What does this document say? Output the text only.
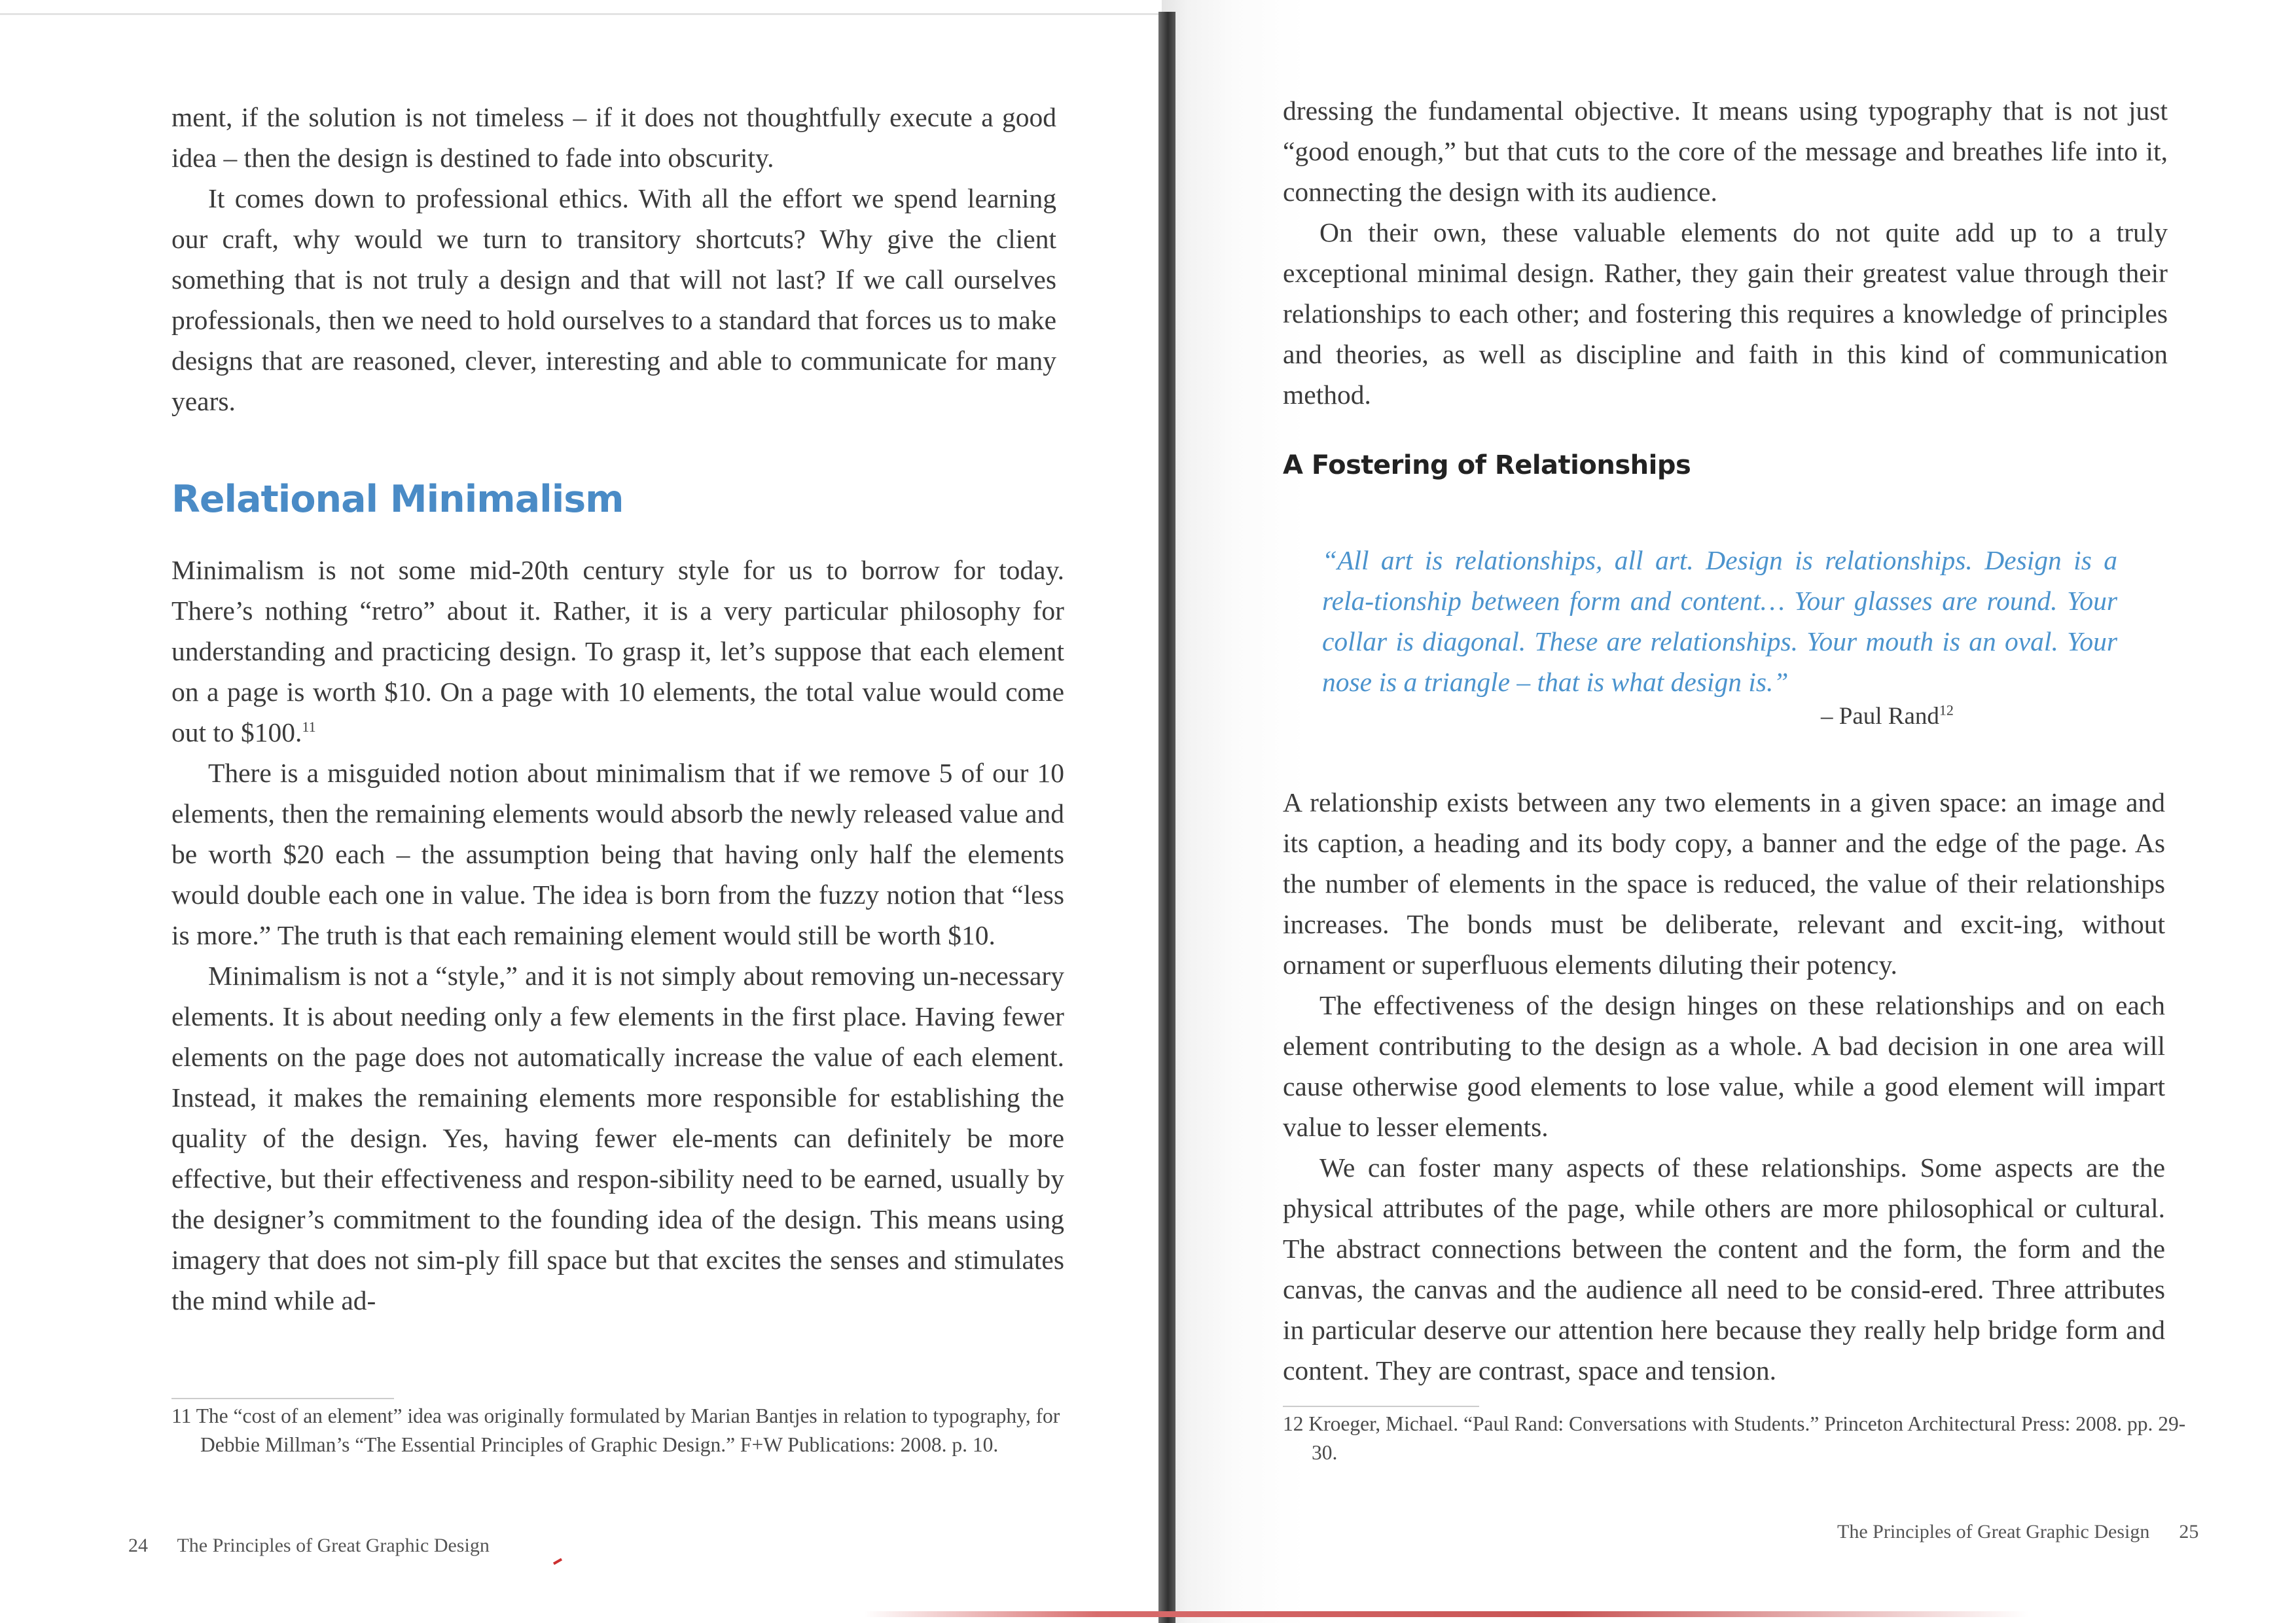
ment, if the solution is not timeless – if it does not thoughtfully execute a good idea – then the design is destined to fade into obscurity.

It comes down to professional ethics. With all the effort we spend learning our craft, why would we turn to transitory shortcuts? Why give the client something that is not truly a design and that will not last? If we call ourselves professionals, then we need to hold ourselves to a standard that forces us to make designs that are reasoned, clever, interesting and able to communicate for many years.

Relational Minimalism

Minimalism is not some mid-20th century style for us to borrow for today. There’s nothing “retro” about it. Rather, it is a very particular philosophy for understanding and practicing design. To grasp it, let’s suppose that each element on a page is worth $10. On a page with 10 elements, the total value would come out to $100.11

There is a misguided notion about minimalism that if we remove 5 of our 10 elements, then the remaining elements would absorb the newly released value and be worth $20 each – the assumption being that having only half the elements would double each one in value. The idea is born from the fuzzy notion that “less is more.” The truth is that each remaining element would still be worth $10.

Minimalism is not a “style,” and it is not simply about removing un-necessary elements. It is about needing only a few elements in the first place. Having fewer elements on the page does not automatically increase the value of each element. Instead, it makes the remaining elements more responsible for establishing the quality of the design. Yes, having fewer ele-ments can definitely be more effective, but their effectiveness and respon-sibility need to be earned, usually by the designer’s commitment to the founding idea of the design. This means using imagery that does not sim-ply fill space but that excites the senses and stimulates the mind while ad-

11 The “cost of an element” idea was originally formulated by Marian Bantjes in relation to typography, for Debbie Millman’s “The Essential Principles of Graphic Design.” F+W Publications: 2008. p. 10.

24 The Principles of Great Graphic Design

dressing the fundamental objective. It means using typography that is not just “good enough,” but that cuts to the core of the message and breathes life into it, connecting the design with its audience.

On their own, these valuable elements do not quite add up to a truly exceptional minimal design. Rather, they gain their greatest value through their relationships to each other; and fostering this requires a knowledge of principles and theories, as well as discipline and faith in this kind of communication method.

A Fostering of Relationships

“All art is relationships, all art. Design is relationships. Design is a rela-tionship between form and content… Your glasses are round. Your collar is diagonal. These are relationships. Your mouth is an oval. Your nose is a triangle – that is what design is.”

– Paul Rand$^{12}$

A relationship exists between any two elements in a given space: an image and its caption, a heading and its body copy, a banner and the edge of the page. As the number of elements in the space is reduced, the value of their relationships increases. The bonds must be deliberate, relevant and excit-ing, without ornament or superfluous elements diluting their potency.

The effectiveness of the design hinges on these relationships and on each element contributing to the design as a whole. A bad decision in one area will cause otherwise good elements to lose value, while a good element will impart value to lesser elements.

We can foster many aspects of these relationships. Some aspects are the physical attributes of the page, while others are more philosophical or cultural. The abstract connections between the content and the form, the form and the canvas, the canvas and the audience all need to be consid-ered. Three attributes in particular deserve our attention here because they really help bridge form and content. They are contrast, space and tension.

12 Kroeger, Michael. “Paul Rand: Conversations with Students.” Princeton Architectural Press: 2008. pp. 29-30.

The Principles of Great Graphic Design 25
